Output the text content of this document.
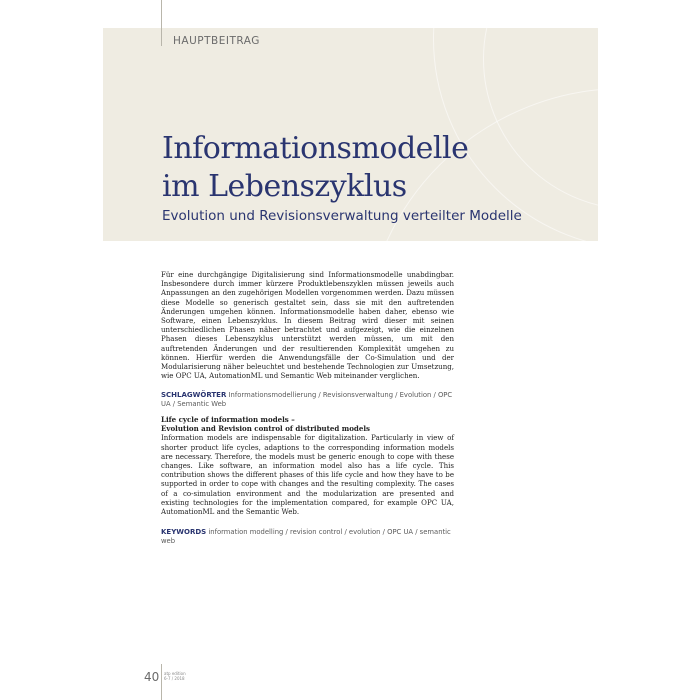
HAUPTBEITRAG
Informationsmodelle
im Lebenszyklus
Evolution und Revisionsverwaltung verteilter Modelle
Für eine durchgängige Digitalisierung sind Informationsmodelle unabdingbar. Insbesondere durch immer kürzere Produktlebenszyklen müssen jeweils auch Anpassungen an den zugehörigen Modellen vorgenommen werden. Dazu müssen diese Modelle so generisch gestaltet sein, dass sie mit den auftretenden Änderungen umgehen können. Informationsmodelle haben daher, ebenso wie Software, einen Lebenszyklus. In diesem Beitrag wird dieser mit seinen unterschiedlichen Phasen näher betrachtet und aufgezeigt, wie die einzelnen Phasen dieses Lebenszyklus unterstützt werden müssen, um mit den auftretenden Änderungen und der resultierenden Komplexität umgehen zu können. Hierfür werden die Anwendungsfälle der Co-Simulation und der Modularisierung näher beleuchtet und bestehende Technologien zur Umsetzung, wie OPC UA, AutomationML und Semantic Web miteinander verglichen.
SCHLAGWÖRTER Informationsmodellierung / Revisionsverwaltung / Evolution / OPC UA / Semantic Web
Life cycle of information models –
Evolution and Revision control of distributed models
Information models are indispensable for digitalization. Particularly in view of shorter product life cycles, adaptions to the corresponding information models are necessary. Therefore, the models must be generic enough to cope with these changes. Like software, an information model also has a life cycle. This contribution shows the different phases of this life cycle and how they have to be supported in order to cope with changes and the resulting complexity. The cases of a co-simulation environment and the modularization are presented and existing technologies for the implementation compared, for example OPC UA, AutomationML and the Semantic Web.
KEYWORDS information modelling / revision control / evolution / OPC UA / semantic web
40 atp edition
6-7 / 2018
